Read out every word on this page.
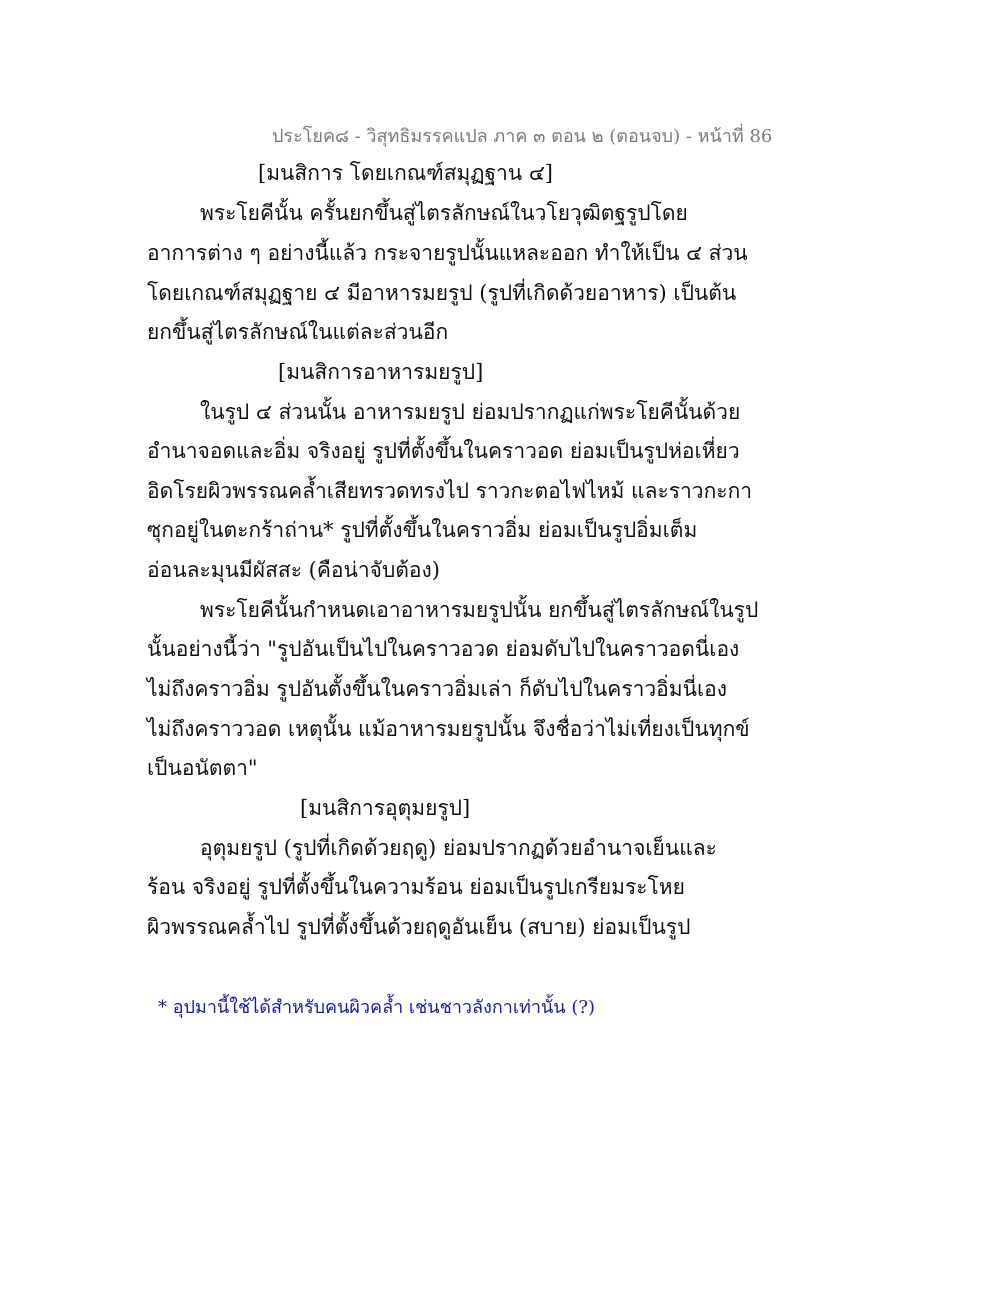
ประโยค๘ - วิสุทธิมรรคแปล ภาค ๓ ตอน ๒ (ตอนจบ) - หน้าที่ 86
[มนสิการ โดยเกณฑ์สมุฏฐาน ๔]
พระโยคีนั้น ครั้นยกขึ้นสู่ไตรลักษณ์ในวโยวุฒิตฐรูปโดย
อาการต่าง ๆ อย่างนี้แล้ว กระจายรูปนั้นแหละออก ทำให้เป็น ๔ ส่วน
โดยเกณฑ์สมุฏฐาย ๔ มีอาหารมยรูป (รูปที่เกิดด้วยอาหาร) เป็นต้น
ยกขึ้นสู่ไตรลักษณ์ในแต่ละส่วนอีก
[มนสิการอาหารมยรูป]
ในรูป ๔ ส่วนนั้น อาหารมยรูป ย่อมปรากฏแก่พระโยคีนั้นด้วย
อำนาจอดและอิ่ม จริงอยู่ รูปที่ตั้งขึ้นในคราวอด ย่อมเป็นรูปห่อเหี่ยว
อิดโรยผิวพรรณคล้ำเสียทรวดทรงไป ราวกะตอไฟไหม้ และราวกะกา
ซุกอยู่ในตะกร้าถ่าน* รูปที่ตั้งขึ้นในคราวอิ่ม ย่อมเป็นรูปอิ่มเต็ม
อ่อนละมุนมีผัสสะ (คือน่าจับต้อง)
พระโยคีนั้นกำหนดเอาอาหารมยรูปนั้น ยกขึ้นสู่ไตรลักษณ์ในรูป
นั้นอย่างนี้ว่า "รูปอันเป็นไปในคราวอวด ย่อมดับไปในคราวอดนี่เอง
ไม่ถึงคราวอิ่ม รูปอันตั้งขึ้นในคราวอิ่มเล่า ก็ดับไปในคราวอิ่มนี่เอง
ไม่ถึงคราววอด เหตุนั้น แม้อาหารมยรูปนั้น จึงชื่อว่าไม่เที่ยงเป็นทุกข์
เป็นอนัตตา"
[มนสิการอุตุมยรูป]
อุตุมยรูป (รูปที่เกิดด้วยฤดู) ย่อมปรากฏด้วยอำนาจเย็นและ
ร้อน จริงอยู่ รูปที่ตั้งขึ้นในความร้อน ย่อมเป็นรูปเกรียมระโหย
ผิวพรรณคล้ำไป รูปที่ตั้งขึ้นด้วยฤดูอันเย็น (สบาย) ย่อมเป็นรูป
* อุปมานี้ใช้ได้สำหรับคนผิวคล้ำ เช่นชาวลังกาเท่านั้น (?)
